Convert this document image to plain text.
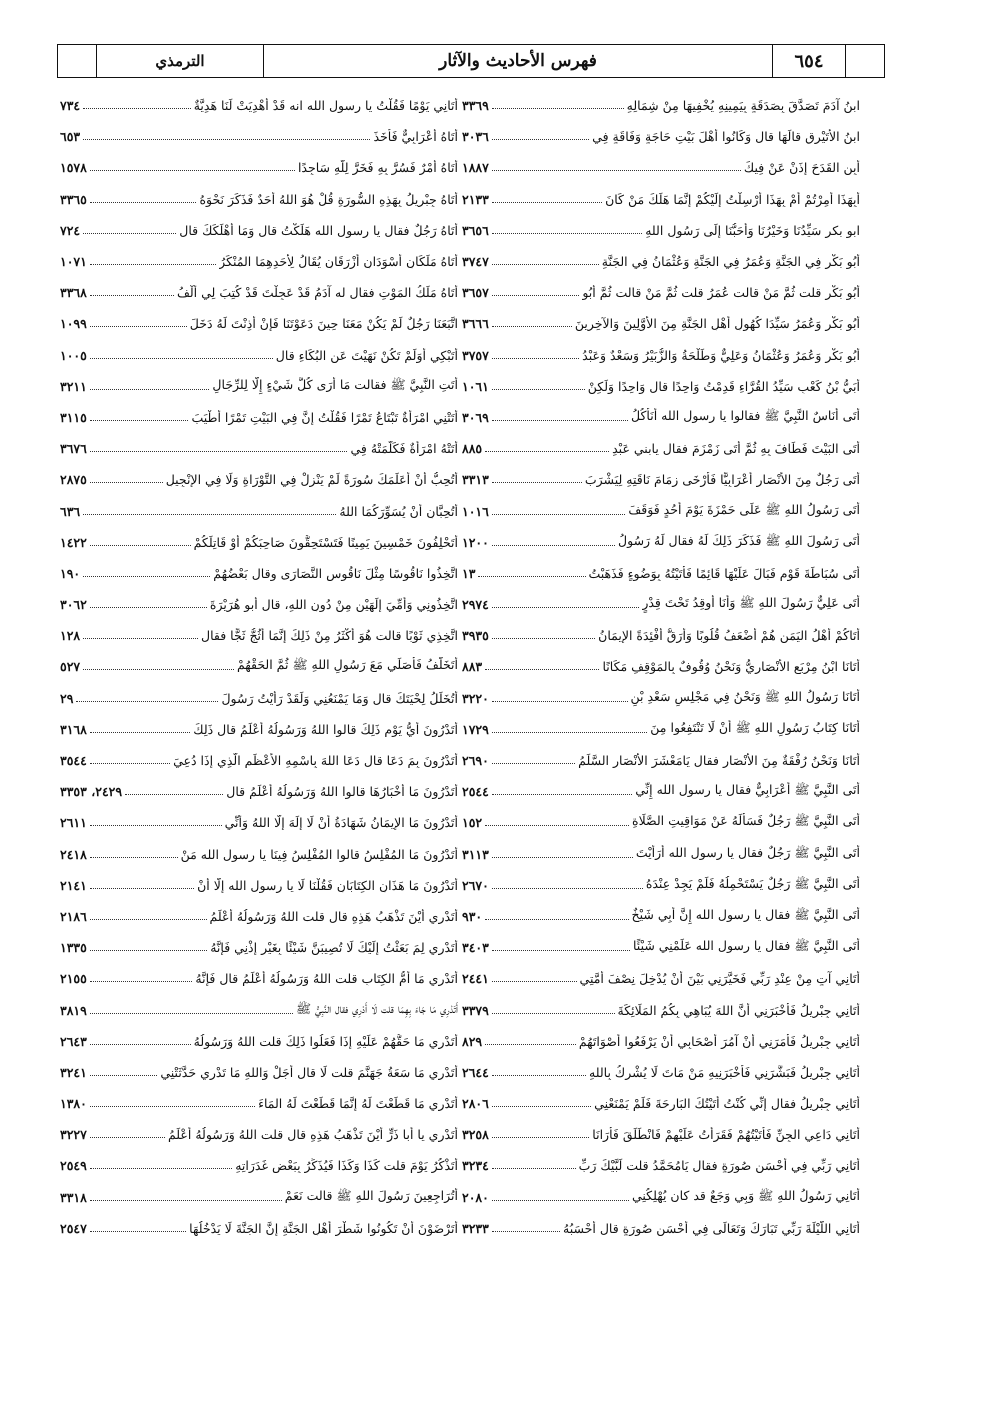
الترمذي	فهرس الأحاديث والآثار	٦٥٤
ابنُ آدَمَ تَصَدَّقَ بِصَدَقَةٍ بِيَمِينِهِ يُخْفِيهَا مِنْ شِمَالِهِ
٣٣٦٩
ابنُ الأُتَيْرِقِ قالَهَا قال وَكَانُوا أَهْلَ بَيْتِ حَاجَةٍ وَفَاقَةٍ فِي
٣٠٣٦
أَبِنِ القَدَحَ إِذَنْ عَنْ فِيكَ
١٨٨٧
أَبِهَذَا أُمِرْتُمْ أَمْ بِهَذَا أُرْسِلْتُ إِلَيْكُمْ إِنَّمَا هَلَكَ مَنْ كَانَ
٢١٣٣
ابو بكر سَيِّدُنَا وَخَيْرُنَا وَأَحَبُّنَا إِلَى رَسُولِ اللهِ
٣٦٥٦
أَبُو بَكْرٍ فِي الجَنَّةِ وَعُمَرُ فِي الجَنَّةِ وَعُثْمَانُ فِي الجَنَّةِ
٣٧٤٧
أَبُو بَكْرٍ قلت ثُمَّ مَنْ قالت عُمَرُ قلت ثُمَّ مَنْ قالت ثُمَّ أَبُو
٣٦٥٧
أَبُو بَكْرٍ وَعُمَرُ سَيِّدَا كُهُولِ أَهْلِ الجَنَّةِ مِنَ الأَوَّلِينَ وَالآخِرِينَ
٣٦٦٦
أَبُو بَكْرٍ وَعُمَرُ وَعُثْمَانُ وَعَلِيٌّ وَطَلْحَةُ وَالزُّبَيْرُ وَسَعْدٌ وَعَبْدُ
٣٧٥٧
أُبَيُّ بْنُ كَعْبٍ سَيِّدُ القُرَّاءِ قَدِمْتُ وَاحِدًا قال وَاحِدًا وَلَكِنْ
١٠٦١
أَتَى أُنَاسٌ النَّبِيَّ ﷺ فقالوا يا رسول الله أَنَأْكُلُ
٣٠٦٩
أَتَى البَيْتَ فَطَافَ بِهِ ثُمَّ أَتَى زَمْزَمَ فقال يابني عَبْدِ
٨٨٥
أَتَى رَجُلٌ مِنَ الأَنْصَارِ أَعْرَابِيًّا فَأَرْخَى زِمَامَ نَاقَتِهِ لِيَشْرَبَ
٣٣١٣
أَتَى رَسُولُ اللهِ ﷺ عَلَى حَمْزَةَ يَوْمَ أُحُدٍ فَوَقَفَ
١٠١٦
أَتَى رَسُولَ اللهِ ﷺ فَذَكَرَ ذَلِكَ لَهُ فقال لَهُ رَسُولُ
١٢٠٠
أَتَى سُبَاطَةَ قَوْمٍ فَبَالَ عَلَيْهَا قَائِمًا فَأَتَيْتُهُ بِوَضُوءٍ فَذَهَبْتُ
١٣
أَتَى عَلِيٌّ رَسُولَ اللهِ ﷺ وَأَنَا أُوقِدُ تَحْتَ قِدْرٍ
٢٩٧٤
أَتَاكُمْ أَهْلُ اليَمَنِ هُمْ أَضْعَفُ قُلُوبًا وَأَرَقُّ أَفْئِدَةً الإِيمَانُ
٣٩٣٥
أَتَانَا ابْنُ مِرْبَعٍ الأَنْصَارِيُّ وَنَحْنُ وُقُوفٌ بِالمَوْقِفِ مَكَانًا
٨٨٣
أَتَانَا رَسُولُ اللهِ ﷺ وَنَحْنُ فِي مَجْلِسِ سَعْدِ بْنِ
٣٢٢٠
أَتَانَا كِتَابُ رَسُولِ اللهِ ﷺ أَنْ لَا تَنْتَفِعُوا مِنَ
١٧٢٩
أَتَانَا وَنَحْنُ رُفْقَةٌ مِنَ الأَنْصَارِ فقال يَامَعْشَرَ الأَنْصَارِ السَّلَمُ
٢٦٩٠
أَتَى النَّبِيَّ ﷺ أَعْرَابِيٌّ فقال يا رسول الله إِنِّي
٢٥٤٤
أَتَى النَّبِيَّ ﷺ رَجُلٌ فَسَأَلَهُ عَنْ مَوَاقِيتِ الصَّلَاةِ
١٥٢
أَتَى النَّبِيَّ ﷺ رَجُلٌ فقال يا رسول الله أَرَأَيْتَ
٣١١٣
أَتَى النَّبِيَّ ﷺ رَجُلٌ يَسْتَحْمِلُهُ فَلَمْ يَجِدْ عِنْدَهُ
٢٦٧٠
أَتَى النَّبِيَّ ﷺ فقال يا رسول الله إِنَّ أَبِي شَيْخٌ
٩٣٠
أَتَى النَّبِيَّ ﷺ فقال يا رسول الله عَلِّمْنِي شَيْئًا
٣٤٠٣
أَتَانِي آتٍ مِنْ عِنْدِ رَبِّي فَخَيَّرَنِي بَيْنَ أَنْ يُدْخِلَ نِصْفَ أُمَّتِي
٢٤٤١
أَتَانِي جِبْرِيلُ فَأَخْبَرَنِي أَنَّ اللهَ يُبَاهِي بِكُمُ المَلَائِكَةَ
٣٣٧٩
أَتَانِي جِبْرِيلُ فَأَمَرَنِي أَنْ آمُرَ أَصْحَابِي أَنْ يَرْفَعُوا أَصْوَاتَهُمْ
٨٢٩
أَتَانِي جِبْرِيلُ فَبَشَّرَنِي فَأَخْبَرَنِيهِ مَنْ مَاتَ لَا يُشْرِكُ بِاللهِ
٢٦٤٤
أَتَانِي جِبْرِيلُ فقال إِنِّي كُنْتُ أَتَيْتُكَ البَارِحَةَ فَلَمْ يَمْنَعْنِي
٢٨٠٦
أَتَانِي دَاعِي الجِنِّ فَأَتَيْتُهُمْ فَقَرَأْتُ عَلَيْهِمْ فَانْطَلَقَ فَأَرَانَا
٣٢٥٨
أَتَانِي رَبِّي فِي أَحْسَنِ صُورَةٍ فقال يَامُحَمَّدُ قلت لَبَّيْكَ رَبِّ
٣٢٣٤
أَتَانِي رَسُولُ اللهِ ﷺ وَبِي وَجَعٌ قد كان يُهْلِكُنِي
٢٠٨٠
أَتَانِي اللَّيْلَةَ رَبِّي تَبَارَكَ وَتَعَالَى فِي أَحْسَنِ صُورَةٍ قال أَحْسَبُهُ
٣٢٣٣
أَتَانِي يَوْمًا فَقُلْتُ يا رسول الله انه قَدْ أُهْدِيَتْ لَنَا هَدِيَّةٌ
٧٣٤
أَتَاهُ أَعْرَابِيٌّ فَأَخَذَ
٦٥٣
أَتَاهُ أَمْرٌ فَسُرَّ بِهِ فَخَرَّ لِلَّهِ سَاجِدًا
١٥٧٨
أَتَاهُ جِبْرِيلُ بِهَذِهِ السُّورَةِ قُلْ هُوَ اللهُ أَحَدٌ فَذَكَرَ نَحْوَهُ
٣٣٦٥
أَتَاهُ رَجُلٌ فقال يا رسول الله هَلَكْتُ قال وَمَا أَهْلَكَكَ قال
٧٢٤
أَتَاهُ مَلَكَانِ أَسْوَدَانِ أَزْرَقَانِ يُقَالُ لِأَحَدِهِمَا المُنْكَرُ
١٠٧١
أَتَاهُ مَلَكُ المَوْتِ فقال له آدَمُ قَدْ عَجِلْتَ قَدْ كُتِبَ لِي أَلْفُ
٣٣٦٨
اتَّبَعَنَا رَجُلٌ لَمْ يَكُنْ مَعَنَا حِينَ دَعَوْتَنَا فَإِنْ أَذِنْتَ لَهُ دَخَلَ
١٠٩٩
أَتَبْكِي أَوَلَمْ تَكُنْ نَهَيْتَ عَنِ البُكَاءِ قال
١٠٠٥
أَتَتِ النَّبِيَّ ﷺ فقالت مَا أَرَى كُلَّ شَيْءٍ إِلَّا لِلرِّجَالِ
٣٢١١
أَتَتْنِي امْرَأَةٌ تَبْتَاعُ تَمْرًا فَقُلْتُ إِنَّ فِي البَيْتِ تَمْرًا أَطْيَبَ
٣١١٥
أَتَتْهُ امْرَأَةٌ فَكَلَّمَتْهُ فِي
٣٦٧٦
أَتُحِبُّ أَنْ أُعَلِّمَكَ سُورَةً لَمْ يَنْزِلْ فِي التَّوْرَاةِ وَلَا فِي الإِنْجِيلِ
٢٨٧٥
أَتُحِبَّانِ أَنْ يُسَوِّرَكُمَا اللهُ
٦٣٦
أَتَحْلِفُونَ خَمْسِينَ يَمِينًا فَتَسْتَحِقُّونَ صَاحِبَكُمْ أَوْ قَاتِلَكُمْ
١٤٢٢
اتَّخِذُوا نَاقُوسًا مِثْلَ نَاقُوسِ النَّصَارَى وقال بَعْضُهُمْ
١٩٠
اتَّخِذُونِي وَأُمِّيَ إِلَهَيْنِ مِنْ دُونِ اللهِ، قال أبو هُرَيْرَةَ
٣٠٦٢
اتَّخِذِي ثَوْبًا قالت هُوَ أَكْثَرُ مِنْ ذَلِكَ إِنَّمَا أَثُجُّ ثَجًّا فقال
١٢٨
أَتَخَلَّفُ فَأُصَلِّي مَعَ رَسُولِ اللهِ ﷺ ثُمَّ الحَقْهُمْ
٥٢٧
أَتُخَلِّلُ لِحْيَتَكَ قال وَمَا يَمْنَعُنِي وَلَقَدْ رَأَيْتُ رَسُولَ
٢٩
أَتَدْرُونَ أَيُّ يَوْمٍ ذَلِكَ قالوا اللهُ وَرَسُولُهُ أَعْلَمُ قال ذَلِكَ
٣١٦٨
أَتَدْرُونَ بِمَ دَعَا قال دَعَا اللهَ بِاسْمِهِ الأَعْظَمِ الَّذِي إِذَا دُعِيَ
٣٥٤٤
أَتَدْرُونَ مَا أَخْبَارُهَا قالوا اللهُ وَرَسُولُهُ أَعْلَمُ قال
٢٤٢٩، ٣٣٥٣
أَتَدْرُونَ مَا الإِيمَانُ شَهَادَةُ أَنْ لَا إِلَهَ إِلَّا اللهُ وَأَنِّي
٢٦١١
أَتَدْرُونَ مَا المُفْلِسُ قالوا المُفْلِسُ فِينَا يا رسول الله مَنْ
٢٤١٨
أَتَدْرُونَ مَا هَذَانِ الكِتَابَانِ فَقُلْنَا لَا يا رسول الله إِلَّا أَنْ
٢١٤١
أَتَدْرِي أَيْنَ تَذْهَبُ هَذِهِ قال قلت اللهُ وَرَسُولُهُ أَعْلَمُ
٢١٨٦
أَتَدْرِي لِمَ بَعَثْتُ إِلَيْكَ لَا تُصِيبَنَّ شَيْئًا بِغَيْرِ إِذْنِي فَإِنَّهُ
١٣٣٥
أَتَدْرِي مَا أُمُّ الكِتَابِ قلت اللهُ وَرَسُولُهُ أَعْلَمُ قال فَإِنَّهُ
٢١٥٥
أَتَدْرِي مَا جَاءَ بِهِمَا قلت لَا أَدْرِي فقال النَّبِيُّ ﷺ
٣٨١٩
أَتَدْرِي مَا حَقُّهُمْ عَلَيْهِ إِذَا فَعَلُوا ذَلِكَ قلت اللهُ وَرَسُولُهُ
٢٦٤٣
أَتَدْرِي مَا سَعَةُ جَهَنَّمَ قلت لَا قال أَجَلْ وَاللهِ مَا تَدْرِي حَدَّثَتْنِي
٣٢٤١
أَتَدْرِي مَا قَطَعْتَ لَهُ إِنَّمَا قَطَعْتَ لَهُ المَاءَ
١٣٨٠
أَتَدْرِي يا أبا ذَرٍّ أَيْنَ تَذْهَبُ هَذِهِ قال قلت اللهُ وَرَسُولُهُ أَعْلَمُ
٣٢٢٧
أَتَذْكُرُ يَوْمَ قلت كَذَا وَكَذَا فَيُذَكِّرُ بِبَعْضِ غَدَرَاتِهِ
٢٥٤٩
أَتُرَاجِعِينَ رَسُولَ اللهِ ﷺ قالت نَعَمْ
٣٣١٨
أَتَرْضَوْنَ أَنْ تَكُونُوا شَطْرَ أَهْلِ الجَنَّةِ إِنَّ الجَنَّةَ لَا يَدْخُلُهَا
٢٥٤٧
